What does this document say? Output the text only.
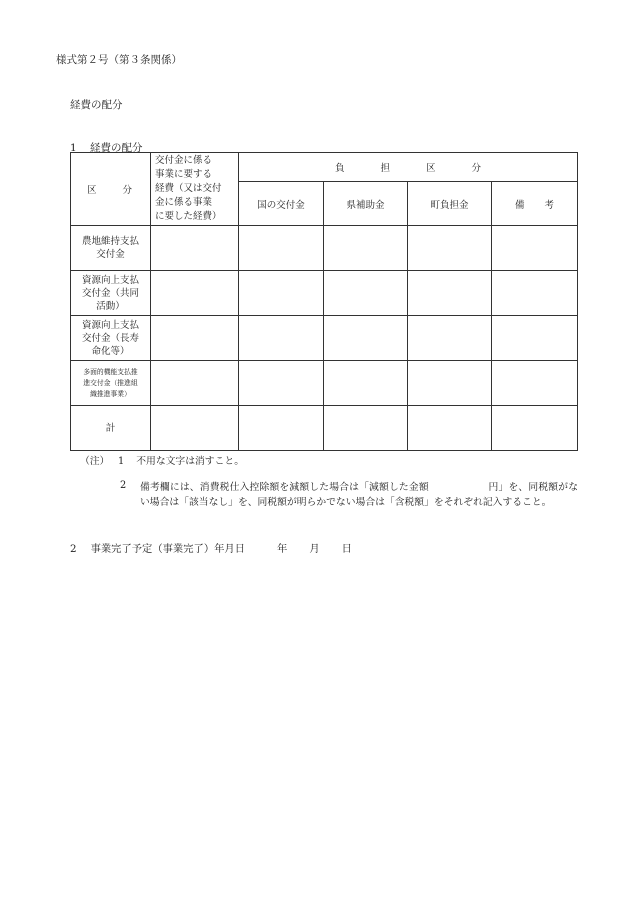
様式第２号（第３条関係）
経費の配分
1 経費の配分
区 分	交付金に係る
事業に要する
経費（又は交付
金に係る事業
に要した経費）	負 担 区 分			
		国の交付金	県補助金	町負担金	備 考

農地維持支払
交付金					

資源向上支払
交付金（共同
活動）					

資源向上支払
交付金（長寿
命化等）					

多面的機能支払推
進交付金（推進組
織推進事業）					

計					

（注） 1 不用な文字は消すこと。
2 備考欄には、消費税仕入控除額を減額した場合は「減額した金額　　　　　　円」を、同税額がない場合は「該当なし」を、同税額が明らかでない場合は「含税額」をそれぞれ記入すること。
2 事業完了予定（事業完了）年月日	年 月 日
